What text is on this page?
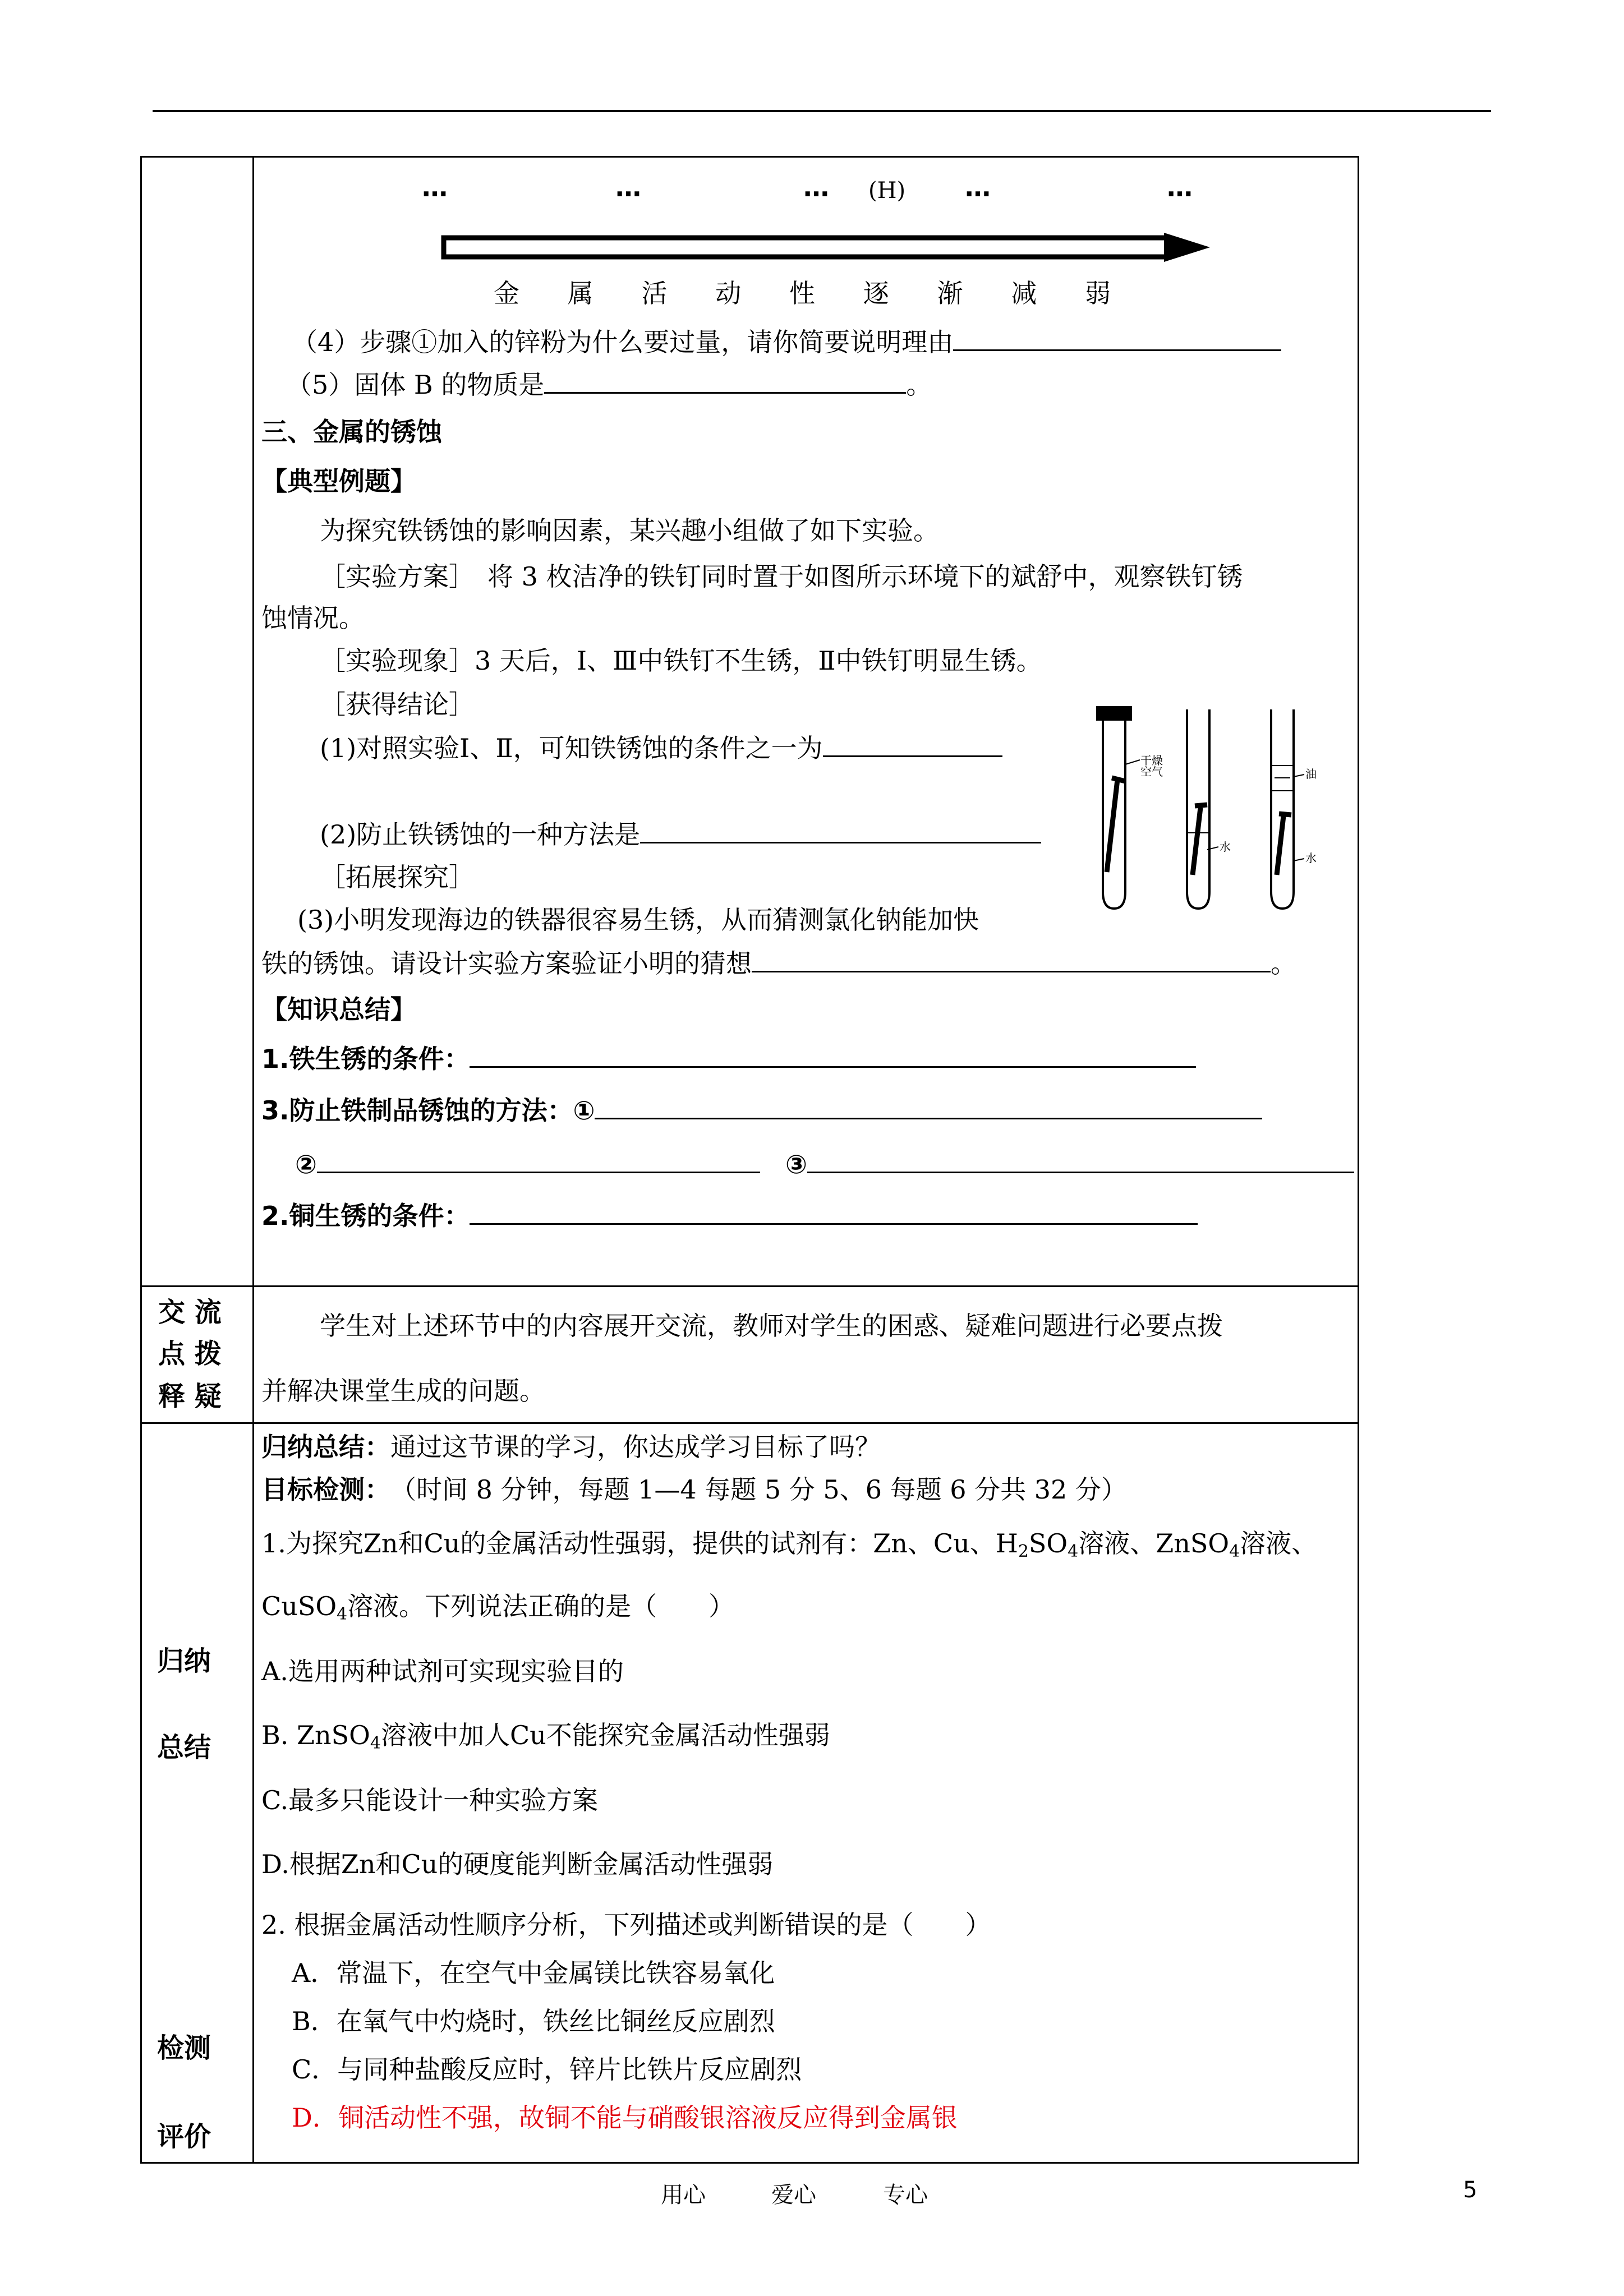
…	…	… (H) …	…
金 属 活 动 性 逐 渐 减 弱
（4）步骤①加入的锌粉为什么要过量，请你简要说明理由
（5）固体 B 的物质是	。
三、金属的锈蚀
【典型例题】
为探究铁锈蚀的影响因素，某兴趣小组做了如下实验。
［实验方案］　将 3 枚洁净的铁钉同时置于如图所示环境下的斌舒中，观察铁钉锈
蚀情况。
［实验现象］3 天后，Ⅰ、Ⅲ中铁钉不生锈，Ⅱ中铁钉明显生锈。
［获得结论］
(1)对照实验Ⅰ、Ⅱ，可知铁锈蚀的条件之一为
(2)防止铁锈蚀的一种方法是
［拓展探究］
(3)小明发现海边的铁器很容易生锈，从而猜测氯化钠能加快
铁的锈蚀。请设计实验方案验证小明的猜想	。
干燥
空气
水
油
水
【知识总结】
1.铁生锈的条件：
3.防止铁制品锈蚀的方法：①
②	③
2.铜生锈的条件：
交 流
点 拨
释 疑
学生对上述环节中的内容展开交流，教师对学生的困惑、疑难问题进行必要点拨
并解决课堂生成的问题。
归纳
总结
检测
评价
归纳总结：通过这节课的学习，你达成学习目标了吗？
目标检测：　 （时间 8 分钟，每题 1—4 每题 5 分 5、6 每题 6 分共 32 分）
1.为探究Zn和Cu的金属活动性强弱，提供的试剂有：Zn、Cu、$H_2SO_4$溶液、ZnSO$_4$溶液、
CuSO$_4$溶液。下列说法正确的是（　　）
A.选用两种试剂可实现实验目的
B. ZnSO$_4$溶液中加人Cu不能探究金属活动性强弱
C.最多只能设计一种实验方案
D.根据Zn和Cu的硬度能判断金属活动性强弱
2. 根据金属活动性顺序分析，下列描述或判断错误的是（　　）
A．常温下，在空气中金属镁比铁容易氧化
B．在氧气中灼烧时，铁丝比铜丝反应剧烈
C．与同种盐酸反应时，锌片比铁片反应剧烈
D．铜活动性不强，故铜不能与硝酸银溶液反应得到金属银
用心	爱心	专心	5
